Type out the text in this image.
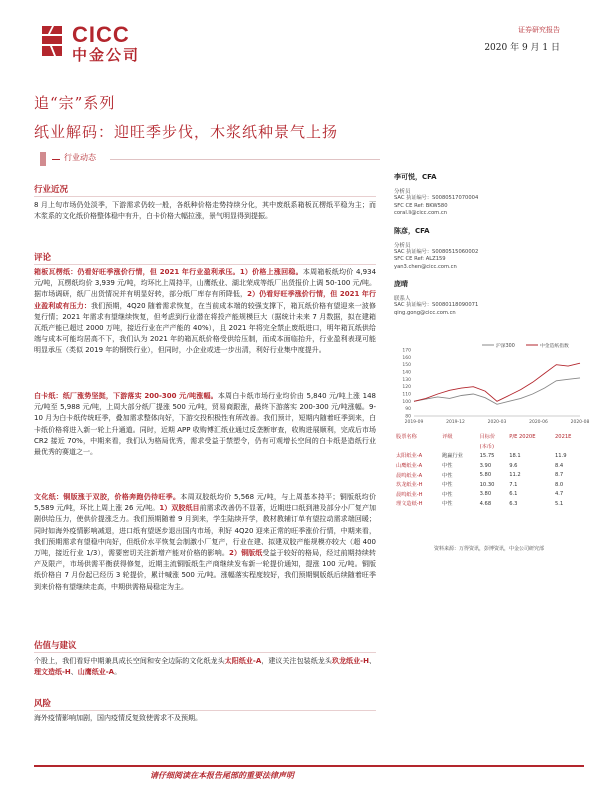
CICC
中金公司
证券研究报告
2020 年 9 月 1 日
追“宗”系列
纸业解码：迎旺季步伐，木浆纸种景气上扬
行业动态
行业近况
8 月上旬市场仍处淡季，下游需求仍较一般，各纸种价格走势持续分化，其中废纸系箱板瓦楞纸平稳为主；而木浆系的文化纸价格整体稳中有升，白卡价格大幅拉涨，景气明显得到提振。
评论
箱板瓦楞纸：仍看好旺季涨价行情，但 2021 年行业盈利承压。1）价格上涨回稳。本周箱板纸均价 4,934 元/吨，瓦楞纸均价 3,939 元/吨，均环比上周持平，山鹰纸业、湖北荣成等纸厂出货报价上调 50-100 元/吨。据市场调研，纸厂出货情况并有明显好转，部分纸厂库存有所降低，2）仍看好旺季涨价行情，但 2021 年行业盈利或有压力：我们预期，4Q20 随着需求恢复，在当前成本端的较强支撑下，箱瓦纸价格有望迎来一波修复行情；2021 年需求有望继续恢复，但考虑到行业潜在将投产能规模巨大（据统计未来 7 月数据，拟在建箱瓦纸产能已超过 2000 万吨，接近行业在产产能的 40%），且 2021 年将完全禁止废纸进口，明年箱瓦纸供给端与成本可能均居高不下，我们认为 2021 年的箱瓦纸价格受供给压制，而成本面临抬升，行业盈利表现可能明显承压（类似 2019 年的钢铁行业），但同时，小企业或进一步出清，利好行业集中度提升。
白卡纸：纸厂涨势坚挺，下游落实 200-300 元/吨涨幅。本周白卡纸市场行业均价由 5,840 元/吨上涨 148 元/吨至 5,988 元/吨，上周大部分纸厂提涨 500 元/吨，贸易商跟涨，最终下游落实 200-300 元/吨涨幅。9-10 月为白卡纸传统旺季，叠加需求整体向好，下游交投积极性有所改善。我们预计，短期内随着旺季到来，白卡纸价格将进入新一轮上升通道。同时，近期 APP 收购博汇纸业通过反垄断审查，收购进展顺利，完成后市场 CR2 接近 70%，中期来看，我们认为格局优秀，需求受益于禁塑令，仍有可观增长空间的白卡纸是造纸行业最优秀的赛道之一。
文化纸：铜版涨于双胶，价格奔跑仍待旺季。本周双胶纸均价 5,568 元/吨，与上周基本持平；铜版纸均价 5,589 元/吨，环比上周上涨 26 元/吨。1）双胶纸目前需求改善仍不显著，近期进口纸到港及部分小厂复产加剧供给压力，使供价提涨乏力。我们预期随着 9 月到来，学生陆续开学，教材教辅订单有望拉动需求端回暖；同时如海外疫情影响减退，进口纸有望逐步退出国内市场，利好 4Q20 迎来正常的旺季涨价行情，中期来看，我们预期需求有望稳中向好，但纸价水平恢复会制激小厂复产，行业在建、拟建双胶产能规模亦较大（超 400 万吨，接近行业 1/3），需要密切关注新增产能对价格的影响。2）铜版纸受益于较好的格局，经过前期持续转产及限产，市场供需平衡获得修复，近期主流铜版纸生产商继续发布新一轮提价通知，提涨 100 元/吨。铜版纸价格自 7 月份起已经历 3 轮提价，累计喊涨 500 元/吨。涨幅落实程度较好，我们预期铜版纸后续随着旺季到来价格有望继续走高，中期供需格局稳定为主。
估值与建议
个股上，我们看好中期兼具成长空间和安全边际的文化纸龙头太阳纸业-A，建议关注包装纸龙头玖龙纸业-H、理文造纸-H、山鹰纸业-A。
风险
海外疫情影响加剧，国内疫情反复致使需求不及预期。
李可悦，CFA
分析员
SAC 执证编号：S0080517070004
SFC CE Ref: BKW580
coral.li@cicc.com.cn
陈彦，CFA
分析员
SAC 执证编号：S0080515060002
SFC CE Ref: ALZ159
yan3.chen@cicc.com.cn
庞晴
联系人
SAC 执证编号：S0080118090071
qing.gong@cicc.com.cn
170
160
150
140
130
120
110
100
90
80
2019-09	2019-12	2020-03	2020-06	2020-08
沪深300	中金造纸指数
股票名称	评级	目标价	P/E 2020E	2021E
		(本币)		
太阳纸业-A	跑赢行业	15.75	18.1	11.9
山鹰纸业-A	中性	3.90	9.6	8.4
晨鸣纸业-A	中性	5.80	11.2	8.7
玖龙纸业-H	中性	10.30	7.1	8.0
晨鸣纸业-H	中性	3.80	6.1	4.7
理文造纸-H	中性	4.68	6.3	5.1
资料来源：万得资讯，彭博资讯，中金公司研究部
请仔细阅读在本报告尾部的重要法律声明
